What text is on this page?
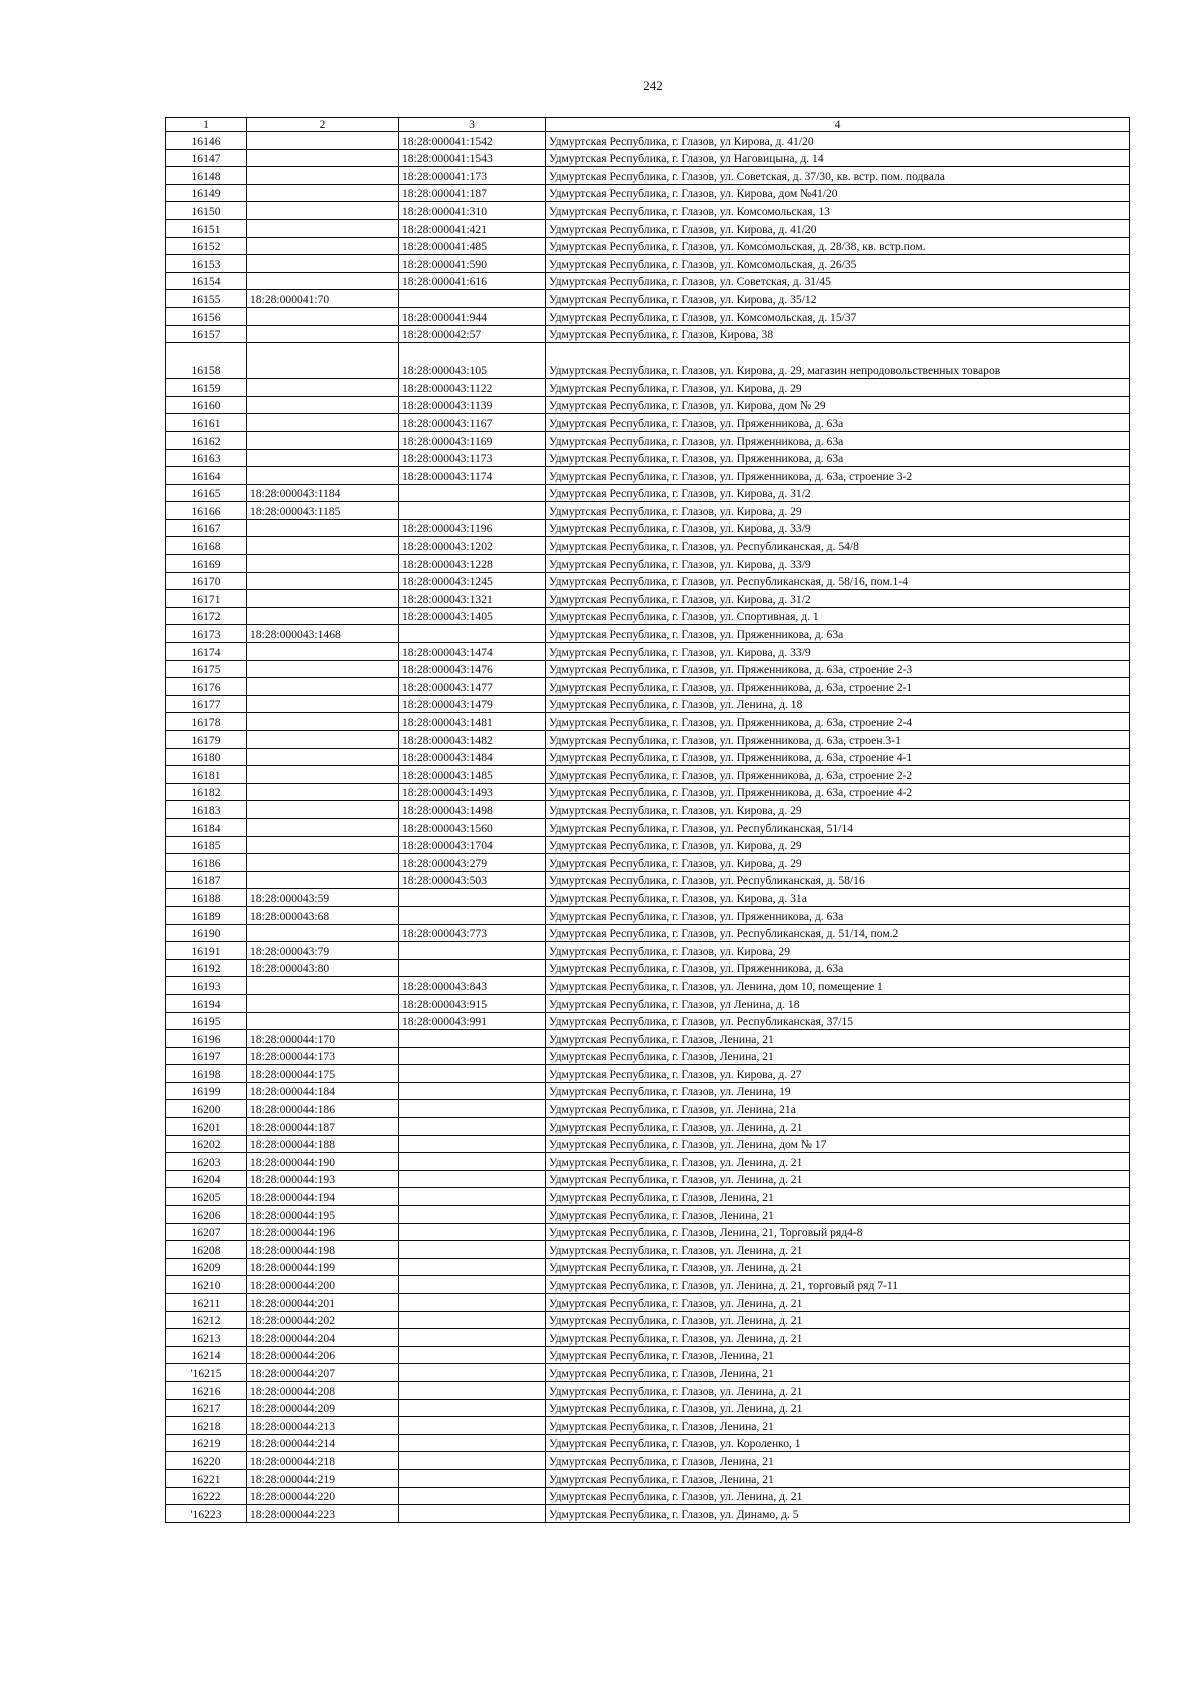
242
1	2	3	4
16146		18:28:000041:1542	Удмуртская Республика, г. Глазов, ул Кирова, д. 41/20
16147		18:28:000041:1543	Удмуртская Республика, г. Глазов, ул Наговицына, д. 14
16148		18:28:000041:173	Удмуртская Республика, г. Глазов, ул. Советская, д. 37/30, кв. встр. пом. подвала
16149		18:28:000041:187	Удмуртская Республика, г. Глазов, ул. Кирова, дом №41/20
16150		18:28:000041:310	Удмуртская Республика, г. Глазов, ул. Комсомольская, 13
16151		18:28:000041:421	Удмуртская Республика, г. Глазов, ул. Кирова, д. 41/20
16152		18:28:000041:485	Удмуртская Республика, г. Глазов, ул. Комсомольская, д. 28/38, кв. встр.пом.
16153		18:28:000041:590	Удмуртская Республика, г. Глазов, ул. Комсомольская, д. 26/35
16154		18:28:000041:616	Удмуртская Республика, г. Глазов, ул. Советская, д. 31/45
16155	18:28:000041:70		Удмуртская Республика, г. Глазов, ул. Кирова, д. 35/12
16156		18:28:000041:944	Удмуртская Республика, г. Глазов, ул. Комсомольская, д. 15/37
16157		18:28:000042:57	Удмуртская Республика, г. Глазов, Кирова, 38
16158		18:28:000043:105	Удмуртская Республика, г. Глазов, ул. Кирова, д. 29, магазин непродовольственных товаров
16159		18:28:000043:1122	Удмуртская Республика, г. Глазов, ул. Кирова, д. 29
16160		18:28:000043:1139	Удмуртская Республика, г. Глазов, ул. Кирова, дом № 29
16161		18:28:000043:1167	Удмуртская Республика, г. Глазов, ул. Пряженникова, д. 63а
16162		18:28:000043:1169	Удмуртская Республика, г. Глазов, ул. Пряженникова, д. 63а
16163		18:28:000043:1173	Удмуртская Республика, г. Глазов, ул. Пряженникова, д. 63а
16164		18:28:000043:1174	Удмуртская Республика, г. Глазов, ул. Пряженникова, д. 63а, строение 3-2
16165	18:28:000043:1184		Удмуртская Республика, г. Глазов, ул. Кирова, д. 31/2
16166	18:28:000043:1185		Удмуртская Республика, г. Глазов, ул. Кирова, д. 29
16167		18:28:000043:1196	Удмуртская Республика, г. Глазов, ул. Кирова, д. 33/9
16168		18:28:000043:1202	Удмуртская Республика, г. Глазов, ул. Республиканская, д. 54/8
16169		18:28:000043:1228	Удмуртская Республика, г. Глазов, ул. Кирова, д. 33/9
16170		18:28:000043:1245	Удмуртская Республика, г. Глазов, ул. Республиканская, д. 58/16, пом.1-4
16171		18:28:000043:1321	Удмуртская Республика, г. Глазов, ул. Кирова, д. 31/2
16172		18:28:000043:1405	Удмуртская Республика, г. Глазов, ул. Спортивная, д. 1
16173	18:28:000043:1468		Удмуртская Республика, г. Глазов, ул. Пряженникова, д. 63а
16174		18:28:000043:1474	Удмуртская Республика, г. Глазов, ул. Кирова, д. 33/9
16175		18:28:000043:1476	Удмуртская Республика, г. Глазов, ул. Пряженникова, д. 63а, строение 2-3
16176		18:28:000043:1477	Удмуртская Республика, г. Глазов, ул. Пряженникова, д. 63а, строение 2-1
16177		18:28:000043:1479	Удмуртская Республика, г. Глазов, ул. Ленина, д. 18
16178		18:28:000043:1481	Удмуртская Республика, г. Глазов, ул. Пряженникова, д. 63а, строение 2-4
16179		18:28:000043:1482	Удмуртская Республика, г. Глазов, ул. Пряженникова, д. 63а, строен.3-1
16180		18:28:000043:1484	Удмуртская Республика, г. Глазов, ул. Пряженникова, д. 63а, строение 4-1
16181		18:28:000043:1485	Удмуртская Республика, г. Глазов, ул. Пряженникова, д. 63а, строение 2-2
16182		18:28:000043:1493	Удмуртская Республика, г. Глазов, ул. Пряженникова, д. 63а, строение 4-2
16183		18:28:000043:1498	Удмуртская Республика, г. Глазов, ул. Кирова, д. 29
16184		18:28:000043:1560	Удмуртская Республика, г. Глазов, ул. Республиканская, 51/14
16185		18:28:000043:1704	Удмуртская Республика, г. Глазов, ул. Кирова, д. 29
16186		18:28:000043:279	Удмуртская Республика, г. Глазов, ул. Кирова, д. 29
16187		18:28:000043:503	Удмуртская Республика, г. Глазов, ул. Республиканская, д. 58/16
16188	18:28:000043:59		Удмуртская Республика, г. Глазов, ул. Кирова, д. 31а
16189	18:28:000043:68		Удмуртская Республика, г. Глазов, ул. Пряженникова, д. 63а
16190		18:28:000043:773	Удмуртская Республика, г. Глазов, ул. Республиканская, д. 51/14, пом.2
16191	18:28:000043:79		Удмуртская Республика, г. Глазов, ул. Кирова, 29
16192	18:28:000043:80		Удмуртская Республика, г. Глазов, ул. Пряженникова, д. 63а
16193		18:28:000043:843	Удмуртская Республика, г. Глазов, ул. Ленина, дом 10, помещение 1
16194		18:28:000043:915	Удмуртская Республика, г. Глазов, ул Ленина, д. 18
16195		18:28:000043:991	Удмуртская Республика, г. Глазов, ул. Республиканская, 37/15
16196	18:28:000044:170		Удмуртская Республика, г. Глазов, Ленина, 21
16197	18:28:000044:173		Удмуртская Республика, г. Глазов, Ленина, 21
16198	18:28:000044:175		Удмуртская Республика, г. Глазов, ул. Кирова, д. 27
16199	18:28:000044:184		Удмуртская Республика, г. Глазов, ул. Ленина, 19
16200	18:28:000044:186		Удмуртская Республика, г. Глазов, ул. Ленина, 21а
16201	18:28:000044:187		Удмуртская Республика, г. Глазов, ул. Ленина, д. 21
16202	18:28:000044:188		Удмуртская Республика, г. Глазов, ул. Ленина, дом № 17
16203	18:28:000044:190		Удмуртская Республика, г. Глазов, ул. Ленина, д. 21
16204	18:28:000044:193		Удмуртская Республика, г. Глазов, ул. Ленина, д. 21
16205	18:28:000044:194		Удмуртская Республика, г. Глазов, Ленина, 21
16206	18:28:000044:195		Удмуртская Республика, г. Глазов, Ленина, 21
16207	18:28:000044:196		Удмуртская Республика, г. Глазов, Ленина, 21, Торговый ряд4-8
16208	18:28:000044:198		Удмуртская Республика, г. Глазов, ул. Ленина, д. 21
16209	18:28:000044:199		Удмуртская Республика, г. Глазов, ул. Ленина, д. 21
16210	18:28:000044:200		Удмуртская Республика, г. Глазов, ул. Ленина, д. 21, торговый ряд 7-11
16211	18:28:000044:201		Удмуртская Республика, г. Глазов, ул. Ленина, д. 21
16212	18:28:000044:202		Удмуртская Республика, г. Глазов, ул. Ленина, д. 21
16213	18:28:000044:204		Удмуртская Республика, г. Глазов, ул. Ленина, д. 21
16214	18:28:000044:206		Удмуртская Республика, г. Глазов, Ленина, 21
'16215	18:28:000044:207		Удмуртская Республика, г. Глазов, Ленина, 21
16216	18:28:000044:208		Удмуртская Республика, г. Глазов, ул. Ленина, д. 21
16217	18:28:000044:209		Удмуртская Республика, г. Глазов, ул. Ленина, д. 21
16218	18:28:000044:213		Удмуртская Республика, г. Глазов, Ленина, 21
16219	18:28:000044:214		Удмуртская Республика, г. Глазов, ул. Короленко, 1
16220	18:28:000044:218		Удмуртская Республика, г. Глазов, Ленина, 21
16221	18:28:000044:219		Удмуртская Республика, г. Глазов, Ленина, 21
16222	18:28:000044:220		Удмуртская Республика, г. Глазов, ул. Ленина, д. 21
'16223	18:28:000044:223		Удмуртская Республика, г. Глазов, ул. Динамо, д. 5
